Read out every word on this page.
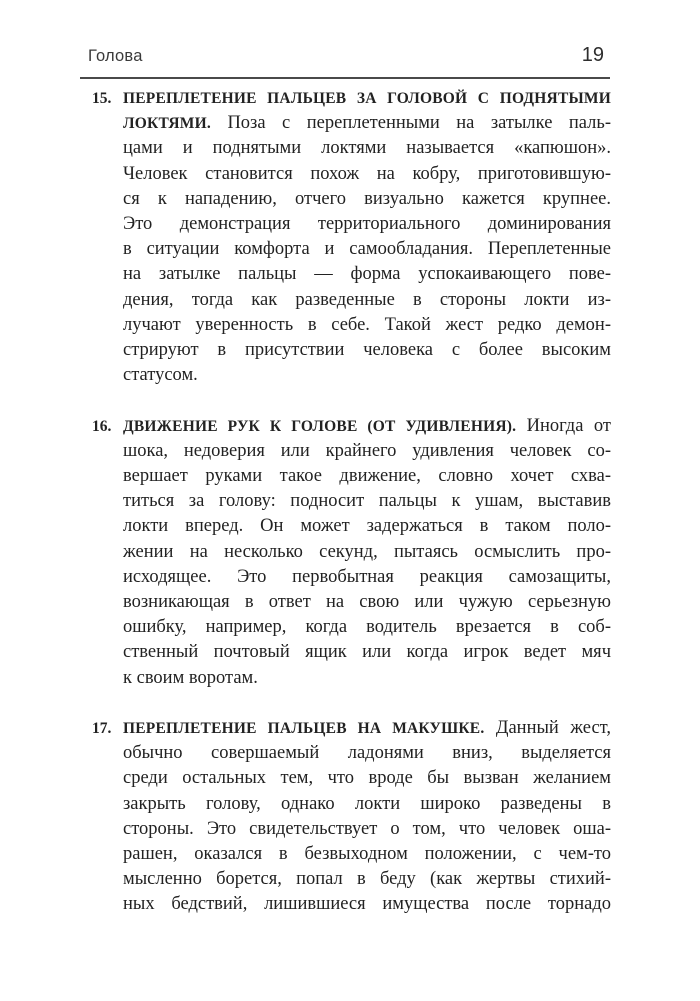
Голова	19
15. ПЕРЕПЛЕТЕНИЕ ПАЛЬЦЕВ ЗА ГОЛОВОЙ С ПОДНЯТЫМИ
ЛОКТЯМИ. Поза с переплетенными на затылке паль-
цами и поднятыми локтями называется «капюшон».
Человек становится похож на кобру, приготовившую-
ся к нападению, отчего визуально кажется крупнее.
Это демонстрация территориального доминирования
в ситуации комфорта и самообладания. Переплетенные
на затылке пальцы — форма успокаивающего пове-
дения, тогда как разведенные в стороны локти из-
лучают уверенность в себе. Такой жест редко демон-
стрируют в присутствии человека с более высоким
статусом.
16. ДВИЖЕНИЕ РУК К ГОЛОВЕ (ОТ УДИВЛЕНИЯ). Иногда от
шока, недоверия или крайнего удивления человек со-
вершает руками такое движение, словно хочет схва-
титься за голову: подносит пальцы к ушам, выставив
локти вперед. Он может задержаться в таком поло-
жении на несколько секунд, пытаясь осмыслить про-
исходящее. Это первобытная реакция самозащиты,
возникающая в ответ на свою или чужую серьезную
ошибку, например, когда водитель врезается в соб-
ственный почтовый ящик или когда игрок ведет мяч
к своим воротам.
17. ПЕРЕПЛЕТЕНИЕ ПАЛЬЦЕВ НА МАКУШКЕ. Данный жест,
обычно совершаемый ладонями вниз, выделяется
среди остальных тем, что вроде бы вызван желанием
закрыть голову, однако локти широко разведены в
стороны. Это свидетельствует о том, что человек оша-
рашен, оказался в безвыходном положении, с чем-то
мысленно борется, попал в беду (как жертвы стихий-
ных бедствий, лишившиеся имущества после торнадо
